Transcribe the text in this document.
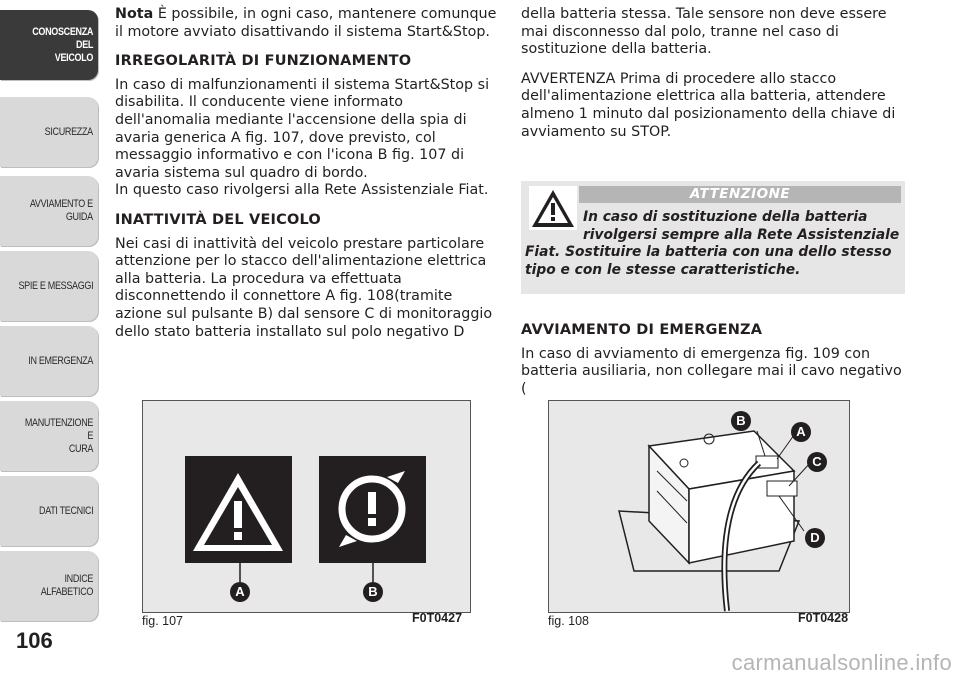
CONOSCENZA DEL
VEICOLO
SICUREZZA
AVVIAMENTO E
GUIDA
SPIE E MESSAGGI
IN EMERGENZA
MANUTENZIONE E
CURA
DATI TECNICI
INDICE ALFABETICO
106

Nota È possibile, in ogni caso, mantenere comunque il motore avviato disattivando il sistema Start&Stop.

IRREGOLARITÀ DI FUNZIONAMENTO

In caso di malfunzionamenti il sistema Start&Stop si disabilita. Il conducente viene informato dell'anomalia mediante l'accensione della spia di avaria generica A fig. 107, dove previsto, col messaggio informativo e con l'icona B fig. 107 di avaria sistema sul quadro di bordo.

In questo caso rivolgersi alla Rete Assistenziale Fiat.

INATTIVITÀ DEL VEICOLO

Nei casi di inattività del veicolo prestare particolare attenzione per lo stacco dell'alimentazione elettrica alla batteria. La procedura va effettuata disconnettendo il connettore A fig. 108(tramite azione sul pulsante B) dal sensore C di monitoraggio dello stato batteria installato sul polo negativo D

della batteria stessa. Tale sensore non deve essere mai disconnesso dal polo, tranne nel caso di sostituzione della batteria.

AVVERTENZA Prima di procedere allo stacco dell'alimentazione elettrica alla batteria, attendere almeno 1 minuto dal posizionamento della chiave di avviamento su STOP.

ATTENZIONE
In caso di sostituzione della batteria
rivolgersi sempre alla Rete Assistenziale
Fiat. Sostituire la batteria con una dello stesso tipo e con le stesse caratteristiche.
AVVIAMENTO DI EMERGENZA

In caso di avviamento di emergenza fig. 109 con batteria ausiliaria, non collegare mai il cavo negativo (

A	B
fig. 107	F0T0427
B
A
C
D
fig. 108	F0T0428
carmanualsonline.info
